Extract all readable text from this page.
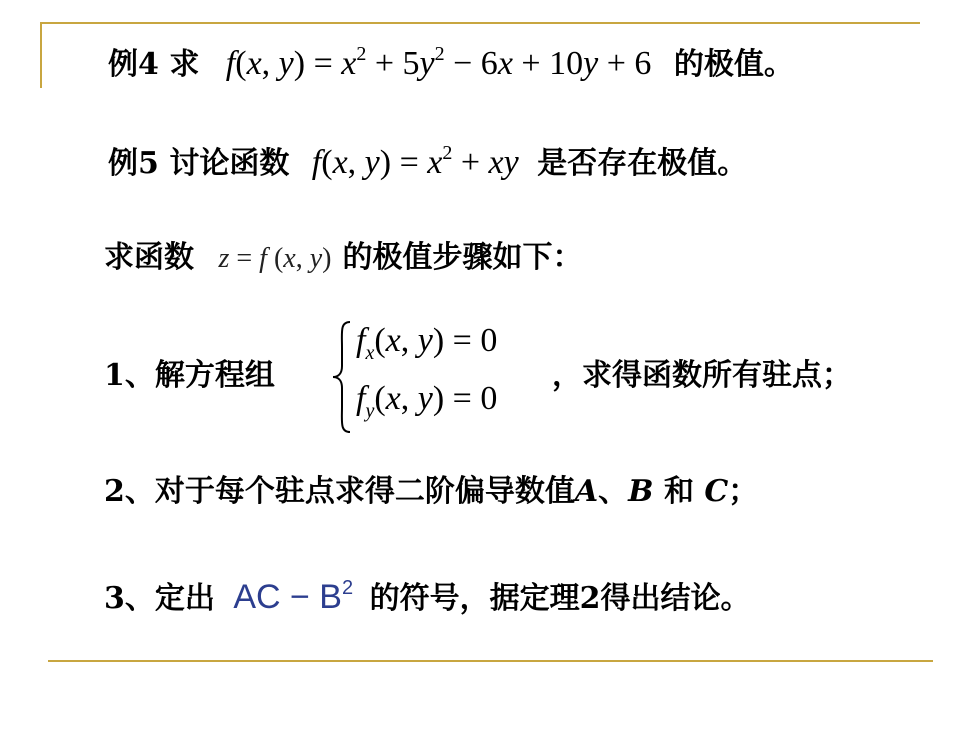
例4 求 f(x, $y) = x^2 + 5y^2 - 6x + 10y + 6$ 的极值。
例5 讨论函数 f(x, $y) = x^2$ + xy 是否存在极值。
求函数 z = f (x, y) 的极值步骤如下：
1、解方程组
$f_x(x$, y) = 0
$f_y(x$, y) = 0
，求得函数所有驻点；
2、对于每个驻点求得二阶偏导数值A、B 和 C；
3、定出 AC − $B^2$ 的符号，据定理2得出结论。
